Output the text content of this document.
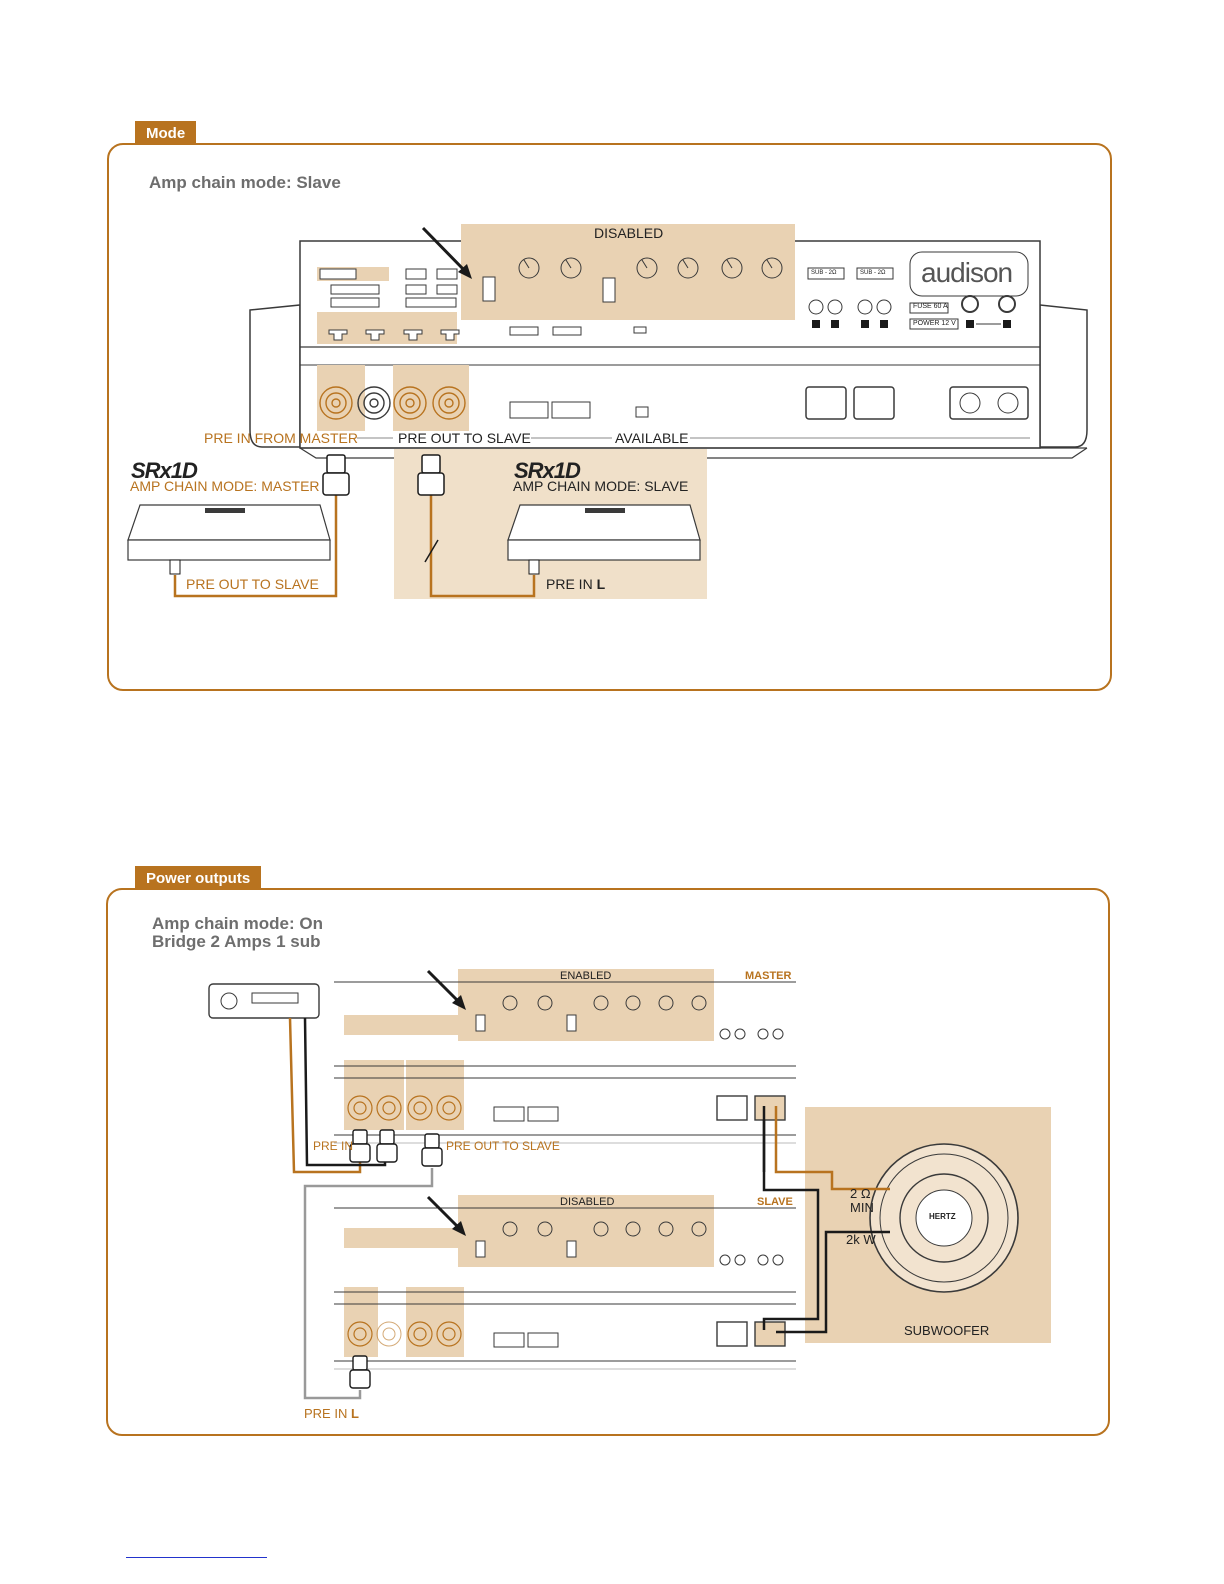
Mode
Amp chain mode: Slave
DISABLED
audison
FUSE 60 A
POWER 12 V
SUB - 2Ω	SUB - 2Ω
PRE IN FROM MASTER	PRE OUT TO SLAVE	AVAILABLE
SRx1D
AMP CHAIN MODE: MASTER
PRE OUT TO SLAVE
SRx1D
AMP CHAIN MODE: SLAVE
PRE IN L
Power outputs
Amp chain mode: On
Bridge 2 Amps 1 sub
ENABLED	MASTER
DISABLED	SLAVE
PRE IN	PRE OUT TO SLAVE
PRE IN L
2 Ω
MIN
2k W
SUBWOOFER
HERTZ
